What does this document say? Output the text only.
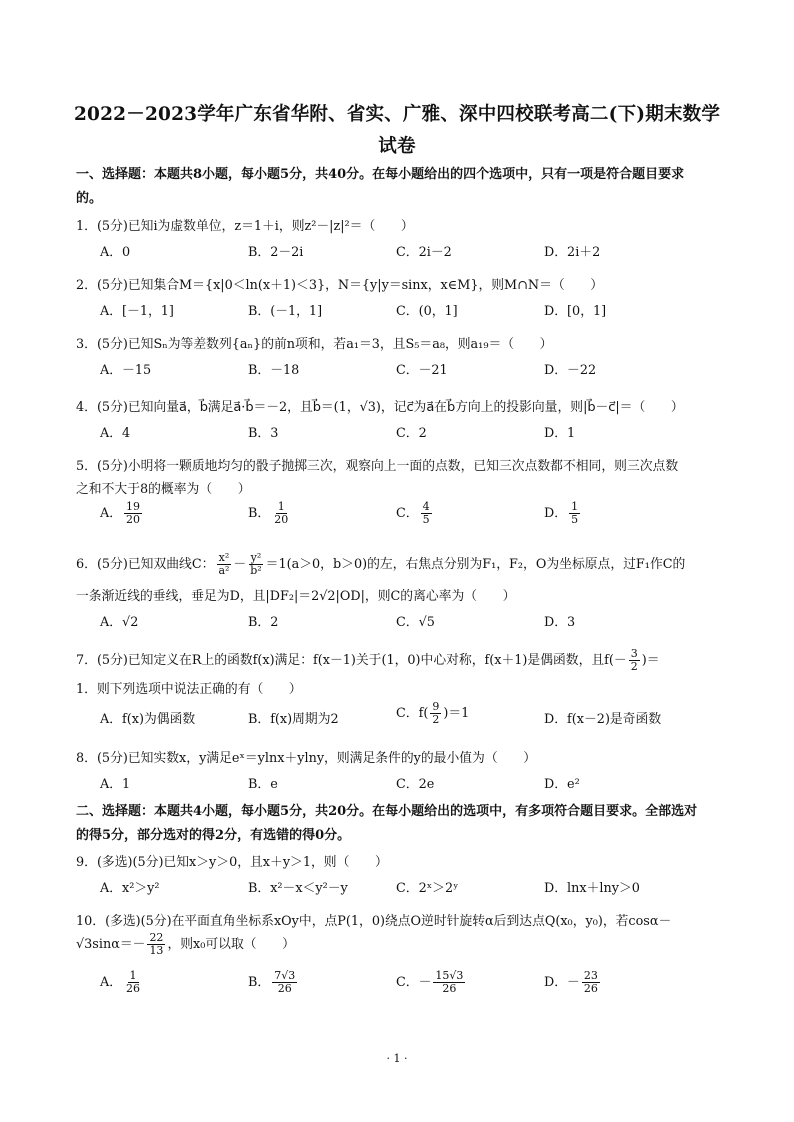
2022－2023学年广东省华附、省实、广雅、深中四校联考高二(下)期末数学
试卷
一、选择题：本题共8小题，每小题5分，共40分。在每小题给出的四个选项中，只有一项是符合题目要求
的。
1．(5分)已知i为虚数单位，z＝1＋i，则z²－|z|²＝（　　）
A．0	B．2－2i	C．2i－2	D．2i＋2
2．(5分)已知集合M＝{x|0＜ln(x＋1)＜3}，N＝{y|y＝sinx，x∈M}，则M∩N＝（　　）
A．[－1，1]	B．(－1，1]	C．(0，1]	D．[0，1]
3．(5分)已知Sₙ为等差数列{aₙ}的前n项和，若a₁＝3，且S₅＝a₈，则a₁₉＝（　　）
A．－15	B．－18	C．－21	D．－22
4．(5分)已知向量a⃗，b⃗满足a⃗·b⃗＝－2，且b⃗＝(1，√3)，记c⃗为a⃗在b⃗方向上的投影向量，则|b⃗－c⃗|＝（　　）
A．4	B．3	C．2	D．1
5．(5分)小明将一颗质地均匀的骰子抛掷三次，观察向上一面的点数，已知三次点数都不相同，则三次点数
之和不大于8的概率为（　　）
A． $\frac{19}{20}$	B． $\frac{1}{20}$	C． $\frac{4}{5}$	D． $\frac{1}{5}$
6．(5分)已知双曲线C： $\frac{\text{x²}}{\text{a²}} - \frac{\text{y²}}{\text{b²}} =1(a>0$，b＞0)的左，右焦点分别为F₁，F₂，O为坐标原点，过F₁作C的
一条渐近线的垂线，垂足为D，且|DF₂|＝2√2|OD|，则C的离心率为（　　）
A．√2	B．2	C．√5	D．3
7．(5分)已知定义在R上的函数f(x)满足：f(x－1)关于(1，0)中心对称，f(x＋1)是偶函数，且$f(- \frac{3}{2}$ )＝
1．则下列选项中说法正确的有（　　）
A．f(x)为偶函数	B．f(x)周期为2	C．$f( \frac{9}{2} )=1$	D．f(x－2)是奇函数
8．(5分)已知实数x，y满足eˣ＝ylnx＋ylny，则满足条件的y的最小值为（　　）
A．1	B．e	C．2e	D．e²
二、选择题：本题共4小题，每小题5分，共20分。在每小题给出的选项中，有多项符合题目要求。全部选对
的得5分，部分选对的得2分，有选错的得0分。
9．(多选)(5分)已知x＞y＞0，且x＋y＞1，则（　　）
A．x²＞y²	B．x²－x＜y²－y	C．2ˣ＞2ʸ	D．lnx＋lny＞0
10．(多选)(5分)在平面直角坐标系xOy中，点P(1，0)绕点O逆时针旋转α后到达点Q(x₀，y₀)，若cosα－
$√3\sin\alpha=- \frac{22}{13}$ ，则x₀可以取（　　）
A． $\frac{1}{26}$	B． $\frac{7√3}{26}$	C．－ $\frac{15√3}{26}$	D．－ $\frac{23}{26}$
· 1 ·
